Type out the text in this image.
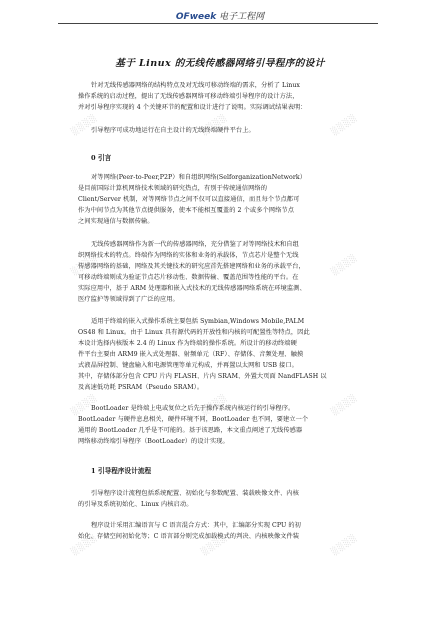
░░░░	░░░░	░░░░
░░░░	░░░░	░░░░
░░░░	░░░░	░░░░
░░░░	░░░░	░░░░
OFweek 电子工程网
基于 Linux 的无线传感器网络引导程序的设计
针对无线传感器网络的结构特点及对无线可移动终端的需求，分析了 Linux
操作系统的启动过程，提出了无线传感器网络可移动终端引导程序的设计方法，
并对引导程序实现的 4 个关键环节的配置和设计进行了说明。实际调试结果表明：
引导程序可成功地运行在自主设计的无线终端硬件平台上。
0 引言
对等网络(Peer-to-Peer,P2P）和自组织网络(SelforganizationNetwork）
是目前国际计算机网络技术领域的研究热点，有别于传统通信网络的
Client/Server 机制，对等网络节点之间不仅可以直接通信，而且每个节点都可
作为中间节点为其他节点提供服务，使本不能相互覆盖的 2 个或多个网络节点
之间实现通信与数据传输。
无线传感器网络作为新一代的传感器网络，充分借鉴了对等网络技术和自组
织网络技术的特点。终端作为网络的实体和业务的承载体，节点芯片是整个无线
传感器网络的基础，网络及其关键技术的研究应首先搭建网络和业务的承载平台，
可移动终端则成为验证节点芯片移动性、数据传输、覆盖范围等性能的平台。在
实际应用中，基于 ARM 处理器和嵌入式技术的无线传感器网络系统在环境监测、
医疗监护等领域得到了广泛的应用。
适用于终端的嵌入式操作系统主要包括 Symbian,Windows Mobile,PALM
OS48 和 Linux。由于 Linux 具有源代码的开放性和内核的可配置性等特点，因此
本设计选择内核版本 2.4 的 Linux 作为终端的操作系统。所设计的移动终端硬
件平台主要由 ARM9 嵌入式处理器、射频单元（RF）、存储体、音频处理、触摸
式液晶屏控制、键盘输入和电源管理等单元构成，并再置以太网和 USB 接口。
其中，存储体部分包含 CPU 片内 FLASH、片内 SRAM、外置大页面 NandFLASH 以
及高速低功耗 PSRAM（Pseudo SRAM）。
BootLoader 是终端上电或复位之后先于操作系统内核运行的引导程序。
BootLoader 与硬件息息相关，硬件环境不同，BootLoader 也不同，要建立一个
通用的 BootLoader 几乎是不可能的。基于该思路，本文重点阐述了无线传感器
网络移动终端引导程序（BootLoader）的设计实现。
1 引导程序设计流程
引导程序设计流程包括系统配置、初始化与参数配置、装载映像文件、内核
的引导及系统初始化、Linux 内核启动。
程序设计采用汇编语言与 C 语言混合方式：其中，汇编部分实现 CPU 的初
始化、存储空间初始化等；C 语言部分则完成加载模式的判决、内核映像文件装
